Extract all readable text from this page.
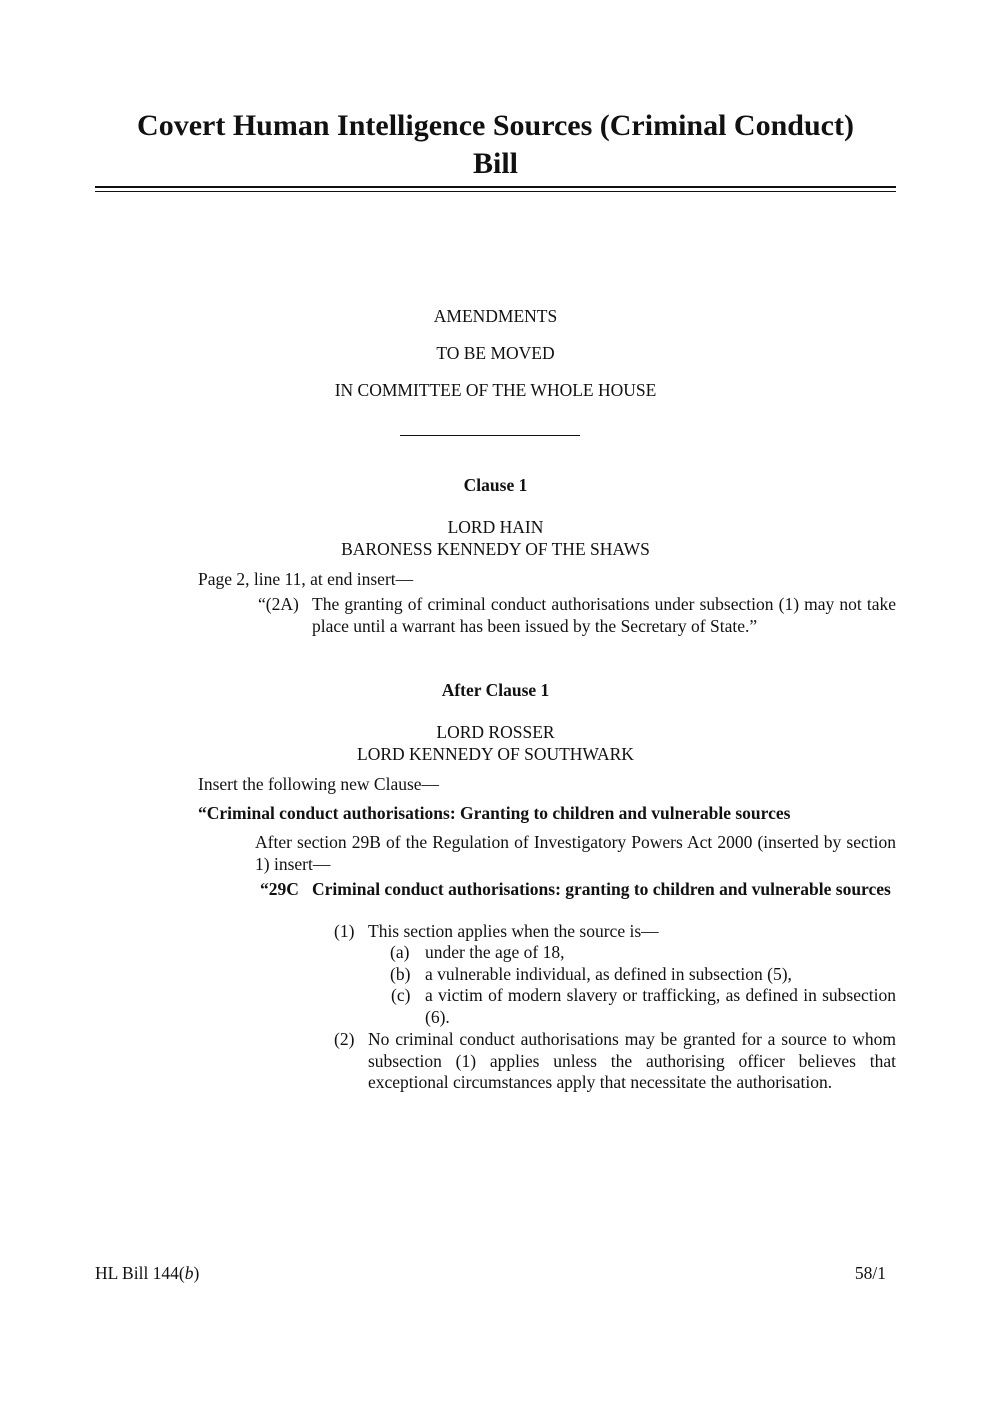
Covert Human Intelligence Sources (Criminal Conduct)
Bill
AMENDMENTS
TO BE MOVED
IN COMMITTEE OF THE WHOLE HOUSE
Clause 1
LORD HAIN
BARONESS KENNEDY OF THE SHAWS
Page 2, line 11, at end insert—
“(2A) The granting of criminal conduct authorisations under subsection (1) may not take place until a warrant has been issued by the Secretary of State.”
After Clause 1
LORD ROSSER
LORD KENNEDY OF SOUTHWARK
Insert the following new Clause—
“Criminal conduct authorisations: Granting to children and vulnerable sources
After section 29B of the Regulation of Investigatory Powers Act 2000 (inserted by section 1) insert—
“29C Criminal conduct authorisations: granting to children and vulnerable sources
(1) This section applies when the source is—
(a) under the age of 18,
(b) a vulnerable individual, as defined in subsection (5),
(c) a victim of modern slavery or trafficking, as defined in subsection (6).
(2) No criminal conduct authorisations may be granted for a source to whom subsection (1) applies unless the authorising officer believes that exceptional circumstances apply that necessitate the authorisation.
HL Bill 144(b)	58/1
